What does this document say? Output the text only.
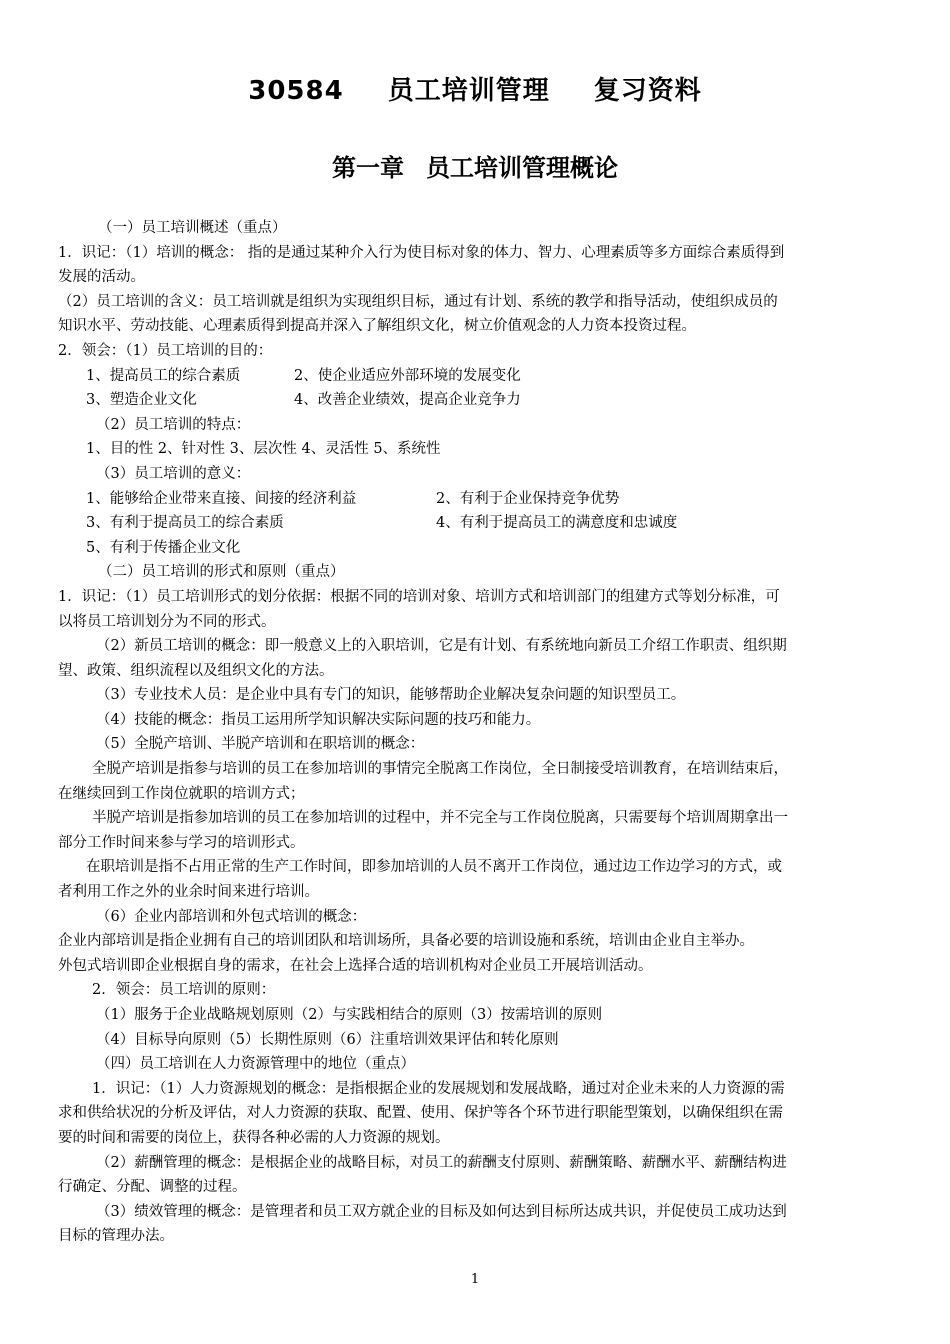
30584 员工培训管理 复习资料
第一章 员工培训管理概论
（一）员工培训概述（重点）
1．识记：（1）培训的概念： 指的是通过某种介入行为使目标对象的体力、智力、心理素质等多方面综合素质得到
发展的活动。
（2）员工培训的含义：员工培训就是组织为实现组织目标，通过有计划、系统的教学和指导活动，使组织成员的
知识水平、劳动技能、心理素质得到提高并深入了解组织文化，树立价值观念的人力资本投资过程。
2．领会：（1）员工培训的目的：
1、提高员工的综合素质	2、使企业适应外部环境的发展变化
3、塑造企业文化	4、改善企业绩效，提高企业竞争力
（2）员工培训的特点：
1、目的性 2、针对性 3、层次性 4、灵活性 5、系统性
（3）员工培训的意义：
1、能够给企业带来直接、间接的经济利益	2、有利于企业保持竞争优势
3、有利于提高员工的综合素质	4、有利于提高员工的满意度和忠诚度
5、有利于传播企业文化
（二）员工培训的形式和原则（重点）
1．识记：（1）员工培训形式的划分依据：根据不同的培训对象、培训方式和培训部门的组建方式等划分标准，可
以将员工培训划分为不同的形式。
（2）新员工培训的概念：即一般意义上的入职培训，它是有计划、有系统地向新员工介绍工作职责、组织期
望、政策、组织流程以及组织文化的方法。
（3）专业技术人员：是企业中具有专门的知识，能够帮助企业解决复杂问题的知识型员工。
（4）技能的概念：指员工运用所学知识解决实际问题的技巧和能力。
（5）全脱产培训、半脱产培训和在职培训的概念：
全脱产培训是指参与培训的员工在参加培训的事情完全脱离工作岗位，全日制接受培训教育，在培训结束后，
在继续回到工作岗位就职的培训方式；
半脱产培训是指参加培训的员工在参加培训的过程中，并不完全与工作岗位脱离，只需要每个培训周期拿出一
部分工作时间来参与学习的培训形式。
在职培训是指不占用正常的生产工作时间，即参加培训的人员不离开工作岗位，通过边工作边学习的方式，或
者利用工作之外的业余时间来进行培训。
（6）企业内部培训和外包式培训的概念：
企业内部培训是指企业拥有自己的培训团队和培训场所，具备必要的培训设施和系统，培训由企业自主举办。
外包式培训即企业根据自身的需求，在社会上选择合适的培训机构对企业员工开展培训活动。
2．领会：员工培训的原则：
（1）服务于企业战略规划原则（2）与实践相结合的原则（3）按需培训的原则
（4）目标导向原则（5）长期性原则（6）注重培训效果评估和转化原则
（四）员工培训在人力资源管理中的地位（重点）
1．识记：（1）人力资源规划的概念：是指根据企业的发展规划和发展战略，通过对企业未来的人力资源的需
求和供给状况的分析及评估，对人力资源的获取、配置、使用、保护等各个环节进行职能型策划，以确保组织在需
要的时间和需要的岗位上，获得各种必需的人力资源的规划。
（2）薪酬管理的概念：是根据企业的战略目标，对员工的薪酬支付原则、薪酬策略、薪酬水平、薪酬结构进
行确定、分配、调整的过程。
（3）绩效管理的概念：是管理者和员工双方就企业的目标及如何达到目标所达成共识，并促使员工成功达到
目标的管理办法。
1
